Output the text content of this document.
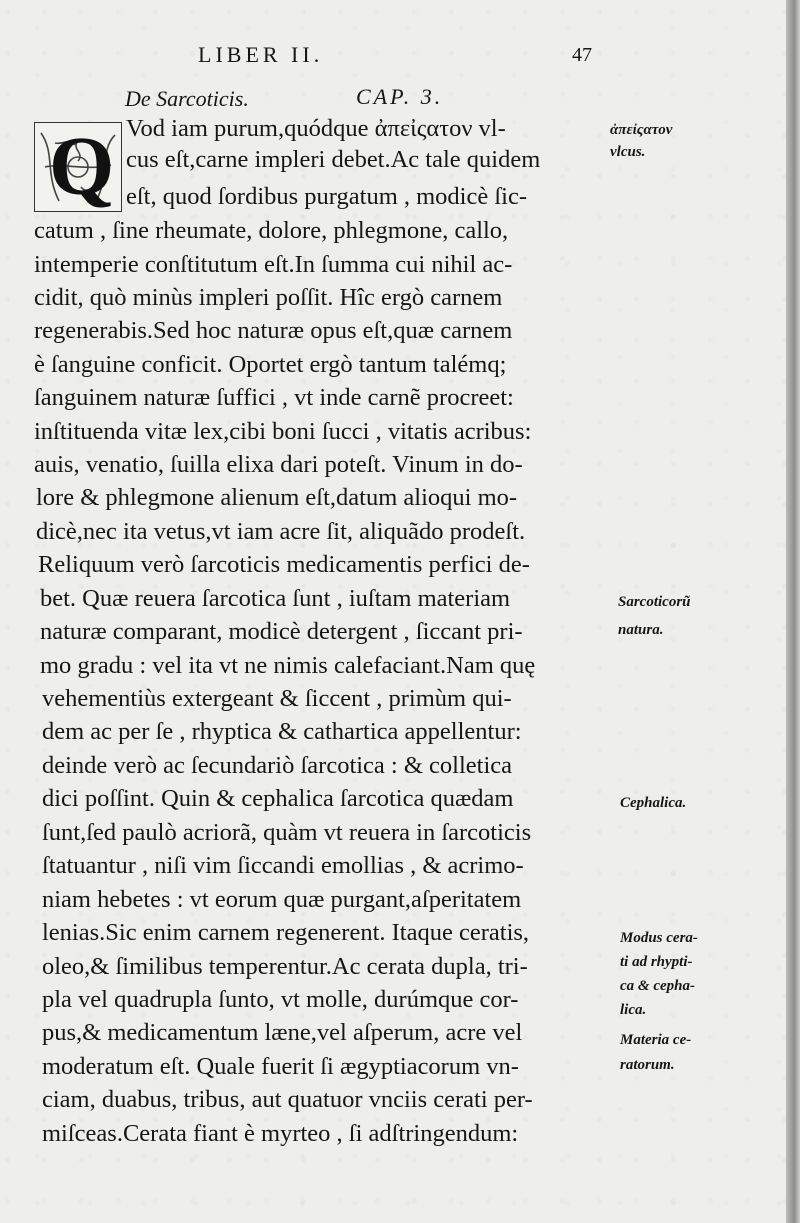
LIBER II.	47
De Sarcoticis.	CAP. 3.
Q Vod iam purum,quódque ἀπεἰςατον vl-
cus eſt,carne impleri debet.Ac tale quidem
eſt, quod ſordibus purgatum , modicè ſic-
catum , ſine rheumate, dolore, phlegmone, callo,
intemperie conſtitutum eſt.In ſumma cui nihil ac-
cidit, quò minùs impleri poſſit. Hîc ergò carnem
regenerabis.Sed hoc naturæ opus eſt,quæ carnem
è ſanguine conficit. Oportet ergò tantum talémq;
ſanguinem naturæ ſuffici , vt inde carnẽ procreet:
inſtituenda vitæ lex,cibi boni ſucci , vitatis acribus:
auis, venatio, ſuilla elixa dari poteſt. Vinum in do-
lore & phlegmone alienum eſt,datum alioqui mo-
dicè,nec ita vetus,vt iam acre ſit, aliquãdo prodeſt.
Reliquum verò ſarcoticis medicamentis perfici de-
bet. Quæ reuera ſarcotica ſunt , iuſtam materiam
naturæ comparant, modicè detergent , ſiccant pri-
mo gradu : vel ita vt ne nimis calefaciant.Nam quę
vehementiùs extergeant & ſiccent , primùm qui-
dem ac per ſe , rhyptica & cathartica appellentur:
deinde verò ac ſecundariò ſarcotica : & colletica
dici poſſint. Quin & cephalica ſarcotica quædam
ſunt,ſed paulò acriorã, quàm vt reuera in ſarcoticis
ſtatuantur , niſi vim ſiccandi emollias , & acrimo-
niam hebetes : vt eorum quæ purgant,aſperitatem
lenias.Sic enim carnem regenerent. Itaque ceratis,
oleo,& ſimilibus temperentur.Ac cerata dupla, tri-
pla vel quadrupla ſunto, vt molle, durúmque cor-
pus,& medicamentum læne,vel aſperum, acre vel
moderatum eſt. Quale fuerit ſi ægyptiacorum vn-
ciam, duabus, tribus, aut quatuor vnciis cerati per-
miſceas.Cerata fiant è myrteo , ſi adſtringendum:
ἀπεἰςατον
vlcus.
Sarcoticorũ
natura.
Cephalica.
Modus cera-
ti ad rhypti-
ca & cepha-
lica.
Materia ce-
ratorum.
